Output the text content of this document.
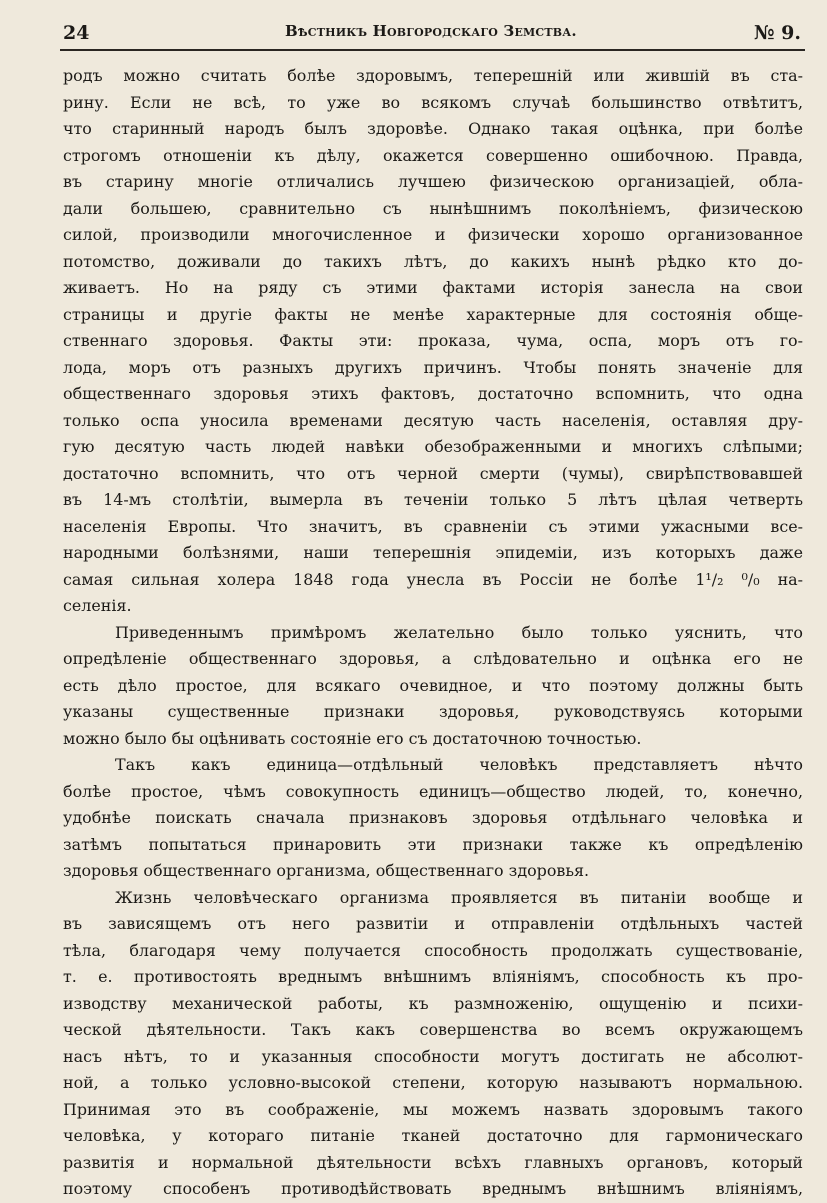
24	Вѣстникъ Новгородскаго Земства.	№ 9.
родъ можно считать болѣе здоровымъ, теперешній или жившій въ ста-
рину. Если не всѣ, то уже во всякомъ случаѣ большинство отвѣтитъ,
что старинный народъ былъ здоровѣе. Однако такая оцѣнка, при болѣе
строгомъ отношеніи къ дѣлу, окажется совершенно ошибочною. Правда,
въ старину многіе отличались лучшею физическою организаціей, обла-
дали большею, сравнительно съ нынѣшнимъ поколѣніемъ, физическою
силой, производили многочисленное и физически хорошо организованное
потомство, доживали до такихъ лѣтъ, до какихъ нынѣ рѣдко кто до-
живаетъ. Но на ряду съ этими фактами исторія занесла на свои
страницы и другіе факты не менѣе характерные для состоянія обще-
ственнаго здоровья. Факты эти: проказа, чума, оспа, моръ отъ го-
лода, моръ отъ разныхъ другихъ причинъ. Чтобы понять значеніе для
общественнаго здоровья этихъ фактовъ, достаточно вспомнить, что одна
только оспа уносила временами десятую часть населенія, оставляя дру-
гую десятую часть людей навѣки обезображенными и многихъ слѣпыми;
достаточно вспомнить, что отъ черной смерти (чумы), свирѣпствовавшей
въ 14-мъ столѣтіи, вымерла въ теченіи только 5 лѣтъ цѣлая четверть
населенія Европы. Что значитъ, въ сравненіи съ этими ужасными все-
народными болѣзнями, наши теперешнія эпидеміи, изъ которыхъ даже
самая сильная холера 1848 года унесла въ Россіи не болѣе 1¹/₂ ⁰/₀ на-
селенія.
Приведеннымъ примѣромъ желательно было только уяснить, что
опредѣленіе общественнаго здоровья, а слѣдовательно и оцѣнка его не
есть дѣло простое, для всякаго очевидное, и что поэтому должны быть
указаны существенные признаки здоровья, руководствуясь которыми
можно было бы оцѣнивать состояніе его съ достаточною точностью.
Такъ какъ единица—отдѣльный человѣкъ представляетъ нѣчто
болѣе простое, чѣмъ совокупность единицъ—общество людей, то, конечно,
удобнѣе поискать сначала признаковъ здоровья отдѣльнаго человѣка и
затѣмъ попытаться принаровить эти признаки также къ опредѣленію
здоровья общественнаго организма, общественнаго здоровья.
Жизнь человѣческаго организма проявляется въ питаніи вообще и
въ зависящемъ отъ него развитіи и отправленіи отдѣльныхъ частей
тѣла, благодаря чему получается способность продолжать существованіе,
т. е. противостоять вреднымъ внѣшнимъ вліяніямъ, способность къ про-
изводству механической работы, къ размноженію, ощущенію и психи-
ческой дѣятельности. Такъ какъ совершенства во всемъ окружающемъ
насъ нѣтъ, то и указанныя способности могутъ достигать не абсолют-
ной, а только условно-высокой степени, которую называютъ нормальною.
Принимая это въ соображеніе, мы можемъ назвать здоровымъ такого
человѣка, у котораго питаніе тканей достаточно для гармоническаго
развитія и нормальной дѣятельности всѣхъ главныхъ органовъ, который
поэтому способенъ противодѣйствовать вреднымъ внѣшнимъ вліяніямъ,
